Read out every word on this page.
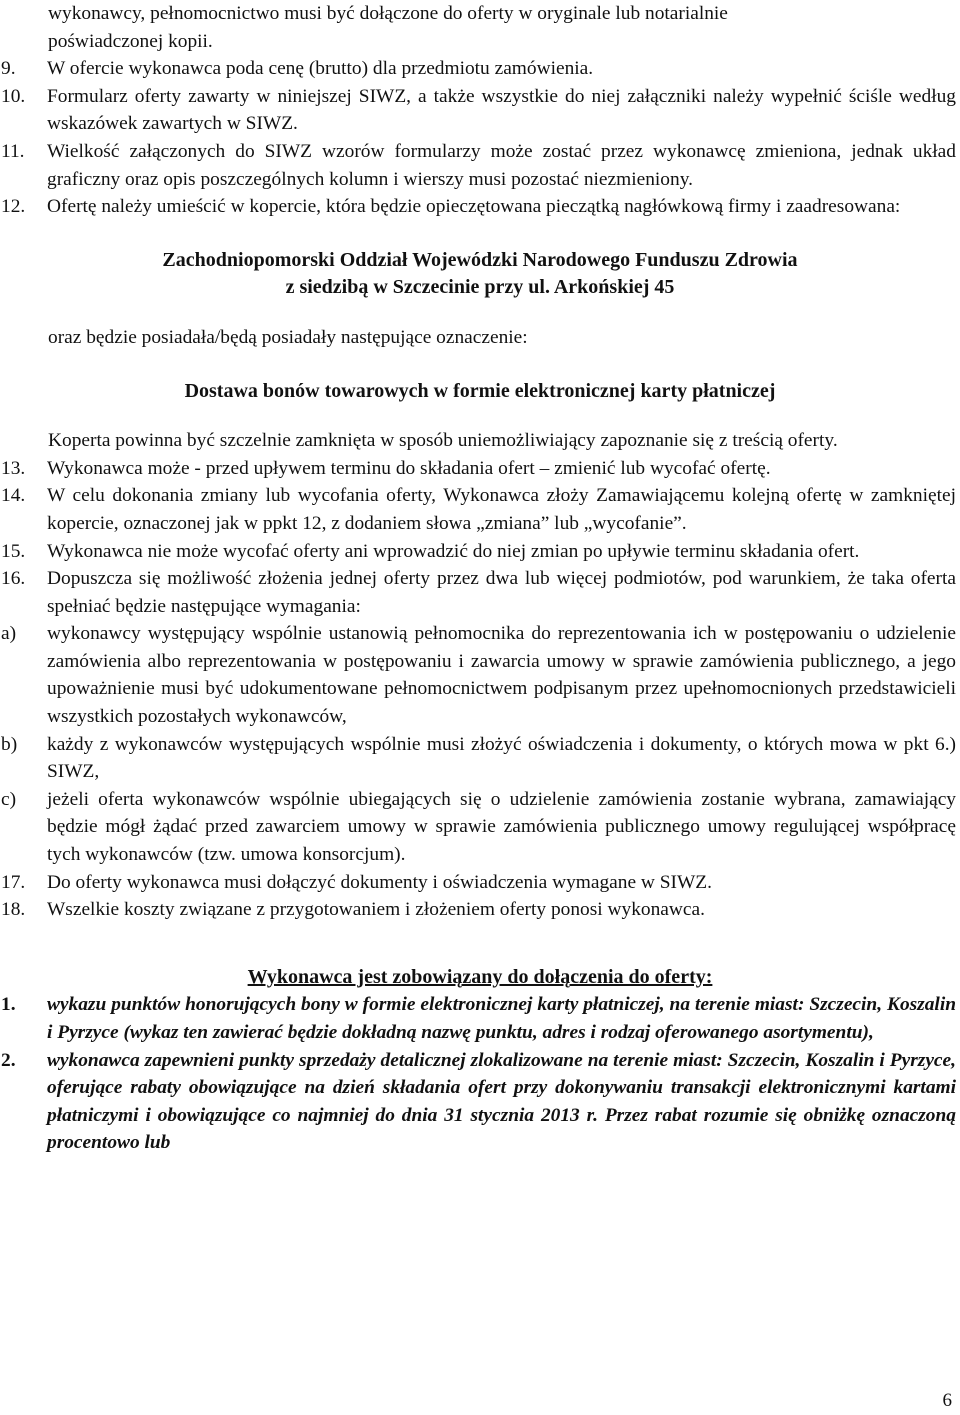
wykonawcy, pełnomocnictwo musi być dołączone do oferty w oryginale lub notarialnie
poświadczonej kopii.
9.	W ofercie wykonawca poda cenę (brutto) dla przedmiotu zamówienia.
10.	Formularz oferty zawarty w niniejszej SIWZ, a także wszystkie do niej załączniki należy wypełnić ściśle według wskazówek zawartych w SIWZ.
11.	Wielkość załączonych do SIWZ wzorów formularzy może zostać przez wykonawcę zmieniona, jednak układ graficzny oraz opis poszczególnych kolumn i wierszy musi pozostać niezmieniony.
12.	Ofertę należy umieścić w kopercie, która będzie opieczętowana pieczątką nagłówkową firmy i zaadresowana:
Zachodniopomorski Oddział Wojewódzki Narodowego Funduszu Zdrowia
z siedzibą w Szczecinie przy ul. Arkońskiej 45
oraz będzie posiadała/będą posiadały następujące oznaczenie:
Dostawa bonów towarowych w formie elektronicznej karty płatniczej
Koperta powinna być szczelnie zamknięta w sposób uniemożliwiający zapoznanie się z treścią oferty.
13.	Wykonawca może - przed upływem terminu do składania ofert – zmienić lub wycofać ofertę.
14.	W celu dokonania zmiany lub wycofania oferty, Wykonawca złoży Zamawiającemu kolejną ofertę w zamkniętej kopercie, oznaczonej jak w ppkt 12, z dodaniem słowa „zmiana” lub „wycofanie”.
15.	Wykonawca nie może wycofać oferty ani wprowadzić do niej zmian po upływie terminu składania ofert.
16.	Dopuszcza się możliwość złożenia jednej oferty przez dwa lub więcej podmiotów, pod warunkiem, że taka oferta spełniać będzie następujące wymagania:
a)	wykonawcy występujący wspólnie ustanowią pełnomocnika do reprezentowania ich w postępowaniu o udzielenie zamówienia albo reprezentowania w postępowaniu i zawarcia umowy w sprawie zamówienia publicznego, a jego upoważnienie musi być udokumentowane pełnomocnictwem podpisanym przez upełnomocnionych przedstawicieli wszystkich pozostałych wykonawców,
b)	każdy z wykonawców występujących wspólnie musi złożyć oświadczenia i dokumenty, o których mowa w pkt 6.) SIWZ,
c)	jeżeli oferta wykonawców wspólnie ubiegających się o udzielenie zamówienia zostanie wybrana, zamawiający będzie mógł żądać przed zawarciem umowy w sprawie zamówienia publicznego umowy regulującej współpracę tych wykonawców (tzw. umowa konsorcjum).
17.	Do oferty wykonawca musi dołączyć dokumenty i oświadczenia wymagane w SIWZ.
18.	Wszelkie koszty związane z przygotowaniem i złożeniem oferty ponosi wykonawca.
Wykonawca jest zobowiązany do dołączenia do oferty:
1.	wykazu punktów honorujących bony w formie elektronicznej karty płatniczej, na terenie miast: Szczecin, Koszalin i Pyrzyce (wykaz ten zawierać będzie dokładną nazwę punktu, adres i rodzaj oferowanego asortymentu),
2.	wykonawca zapewnieni punkty sprzedaży detalicznej zlokalizowane na terenie miast: Szczecin, Koszalin i Pyrzyce, oferujące rabaty obowiązujące na dzień składania ofert przy dokonywaniu transakcji elektronicznymi kartami płatniczymi i obowiązujące co najmniej do dnia 31 stycznia 2013 r. Przez rabat rozumie się obniżkę oznaczoną procentowo lub
6
